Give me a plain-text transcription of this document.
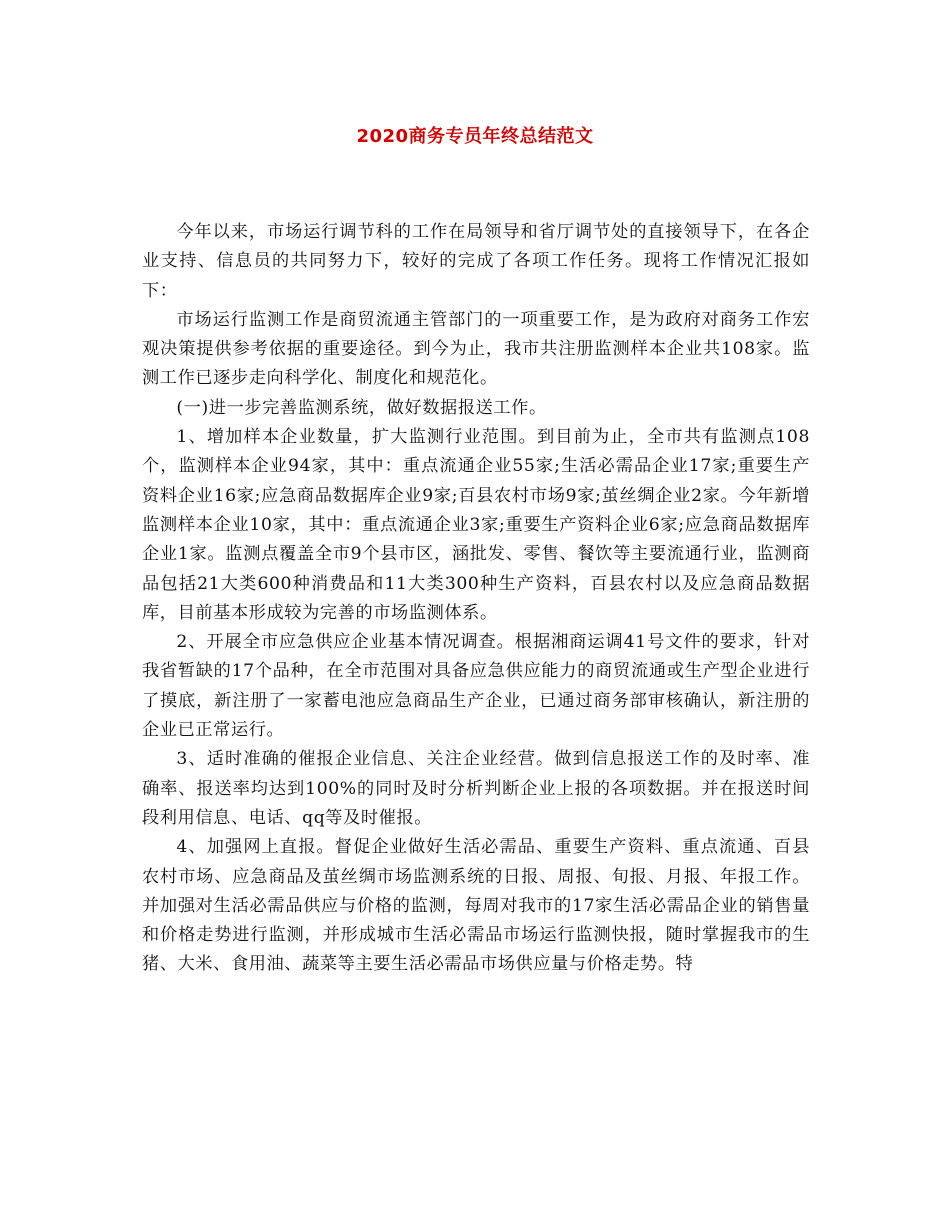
2020商务专员年终总结范文

今年以来，市场运行调节科的工作在局领导和省厅调节处的直接领导下，在各企业支持、信息员的共同努力下，较好的完成了各项工作任务。现将工作情况汇报如下：

市场运行监测工作是商贸流通主管部门的一项重要工作，是为政府对商务工作宏观决策提供参考依据的重要途径。到今为止，我市共注册监测样本企业共108家。监测工作已逐步走向科学化、制度化和规范化。

(一)进一步完善监测系统，做好数据报送工作。

1、增加样本企业数量，扩大监测行业范围。到目前为止，全市共有监测点108个，监测样本企业94家，其中：重点流通企业55家;生活必需品企业17家;重要生产资料企业16家;应急商品数据库企业9家;百县农村市场9家;茧丝绸企业2家。今年新增监测样本企业10家，其中：重点流通企业3家;重要生产资料企业6家;应急商品数据库企业1家。监测点覆盖全市9个县市区，涵批发、零售、餐饮等主要流通行业，监测商品包括21大类600种消费品和11大类300种生产资料，百县农村以及应急商品数据库，目前基本形成较为完善的市场监测体系。

2、开展全市应急供应企业基本情况调查。根据湘商运调41号文件的要求，针对我省暂缺的17个品种，在全市范围对具备应急供应能力的商贸流通或生产型企业进行了摸底，新注册了一家蓄电池应急商品生产企业，已通过商务部审核确认，新注册的企业已正常运行。

3、适时准确的催报企业信息、关注企业经营。做到信息报送工作的及时率、准确率、报送率均达到100%的同时及时分析判断企业上报的各项数据。并在报送时间段利用信息、电话、qq等及时催报。

4、加强网上直报。督促企业做好生活必需品、重要生产资料、重点流通、百县农村市场、应急商品及茧丝绸市场监测系统的日报、周报、旬报、月报、年报工作。并加强对生活必需品供应与价格的监测，每周对我市的17家生活必需品企业的销售量和价格走势进行监测，并形成城市生活必需品市场运行监测快报，随时掌握我市的生猪、大米、食用油、蔬菜等主要生活必需品市场供应量与价格走势。特
